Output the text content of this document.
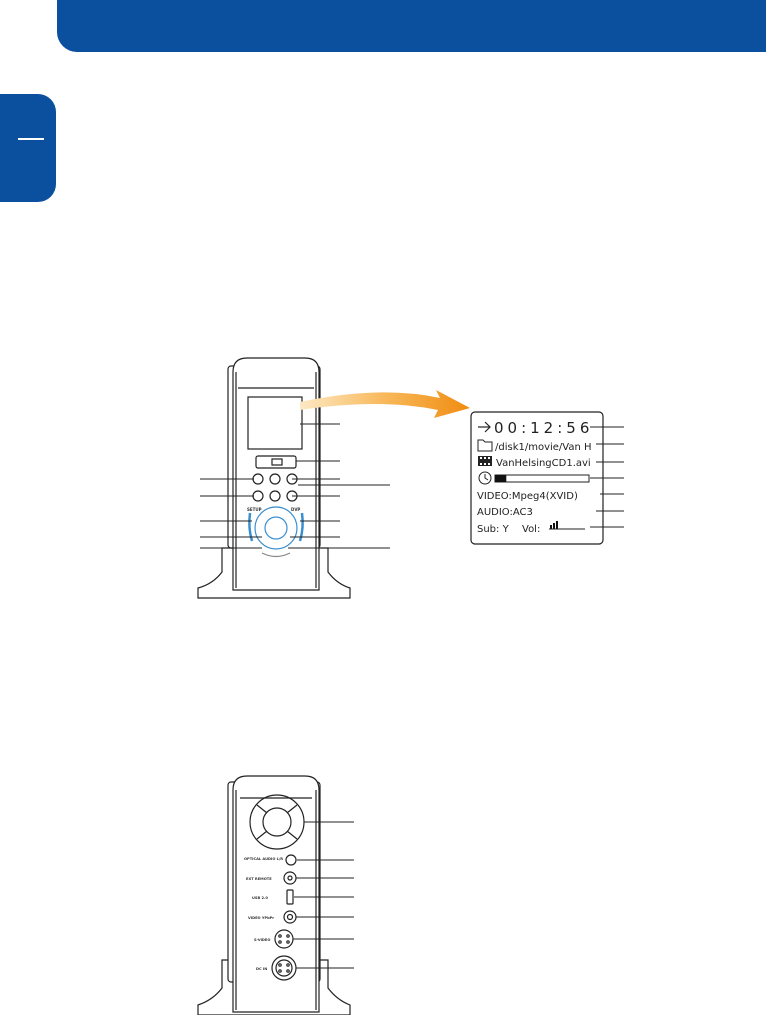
SETUP	DVP
00:12:56
/disk1/movie/Van H
VanHelsingCD1.avi
VIDEO:Mpeg4(XVID)
AUDIO:AC3
Sub: Y Vol:
OPTICAL AUDIO L/R
EXT REMOTE
USB 2.0
VIDEO YPbPr
S-VIDEO
DC IN
